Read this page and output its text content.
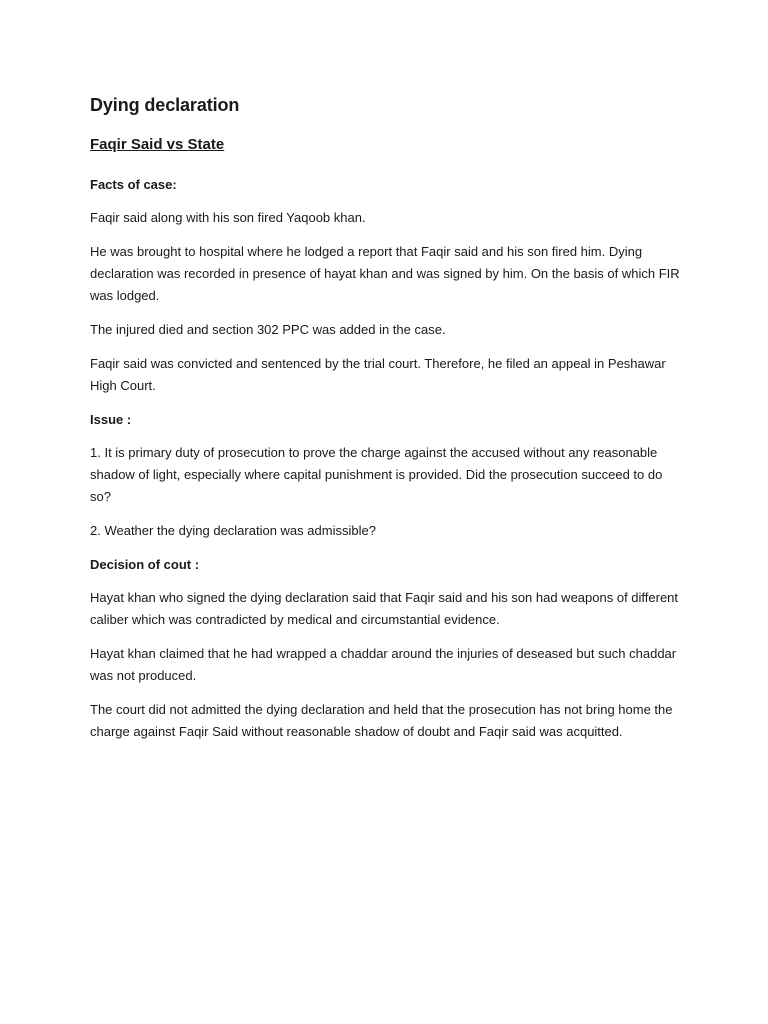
Dying declaration
Faqir Said vs State
Facts of case:

Faqir said along with his son fired Yaqoob khan.

He was brought to hospital where he lodged a report that Faqir said and his son fired him. Dying declaration was recorded in presence of hayat khan and was signed by him. On the basis of which FIR was lodged.

The injured died and section 302 PPC was added in the case.

Faqir said was convicted and sentenced by the trial court. Therefore, he filed an appeal in Peshawar High Court.

Issue :

1. It is primary duty of prosecution to prove the charge against the accused without any reasonable shadow of light, especially where capital punishment is provided. Did the prosecution succeed to do so?

2. Weather the dying declaration was admissible?

Decision of cout :

Hayat khan who signed the dying declaration said that Faqir said and his son had weapons of different caliber which was contradicted by medical and circumstantial evidence.

Hayat khan claimed that he had wrapped a chaddar around the injuries of deseased but such chaddar was not produced.

The court did not admitted the dying declaration and held that the prosecution has not bring home the charge against Faqir Said without reasonable shadow of doubt and Faqir said was acquitted.
